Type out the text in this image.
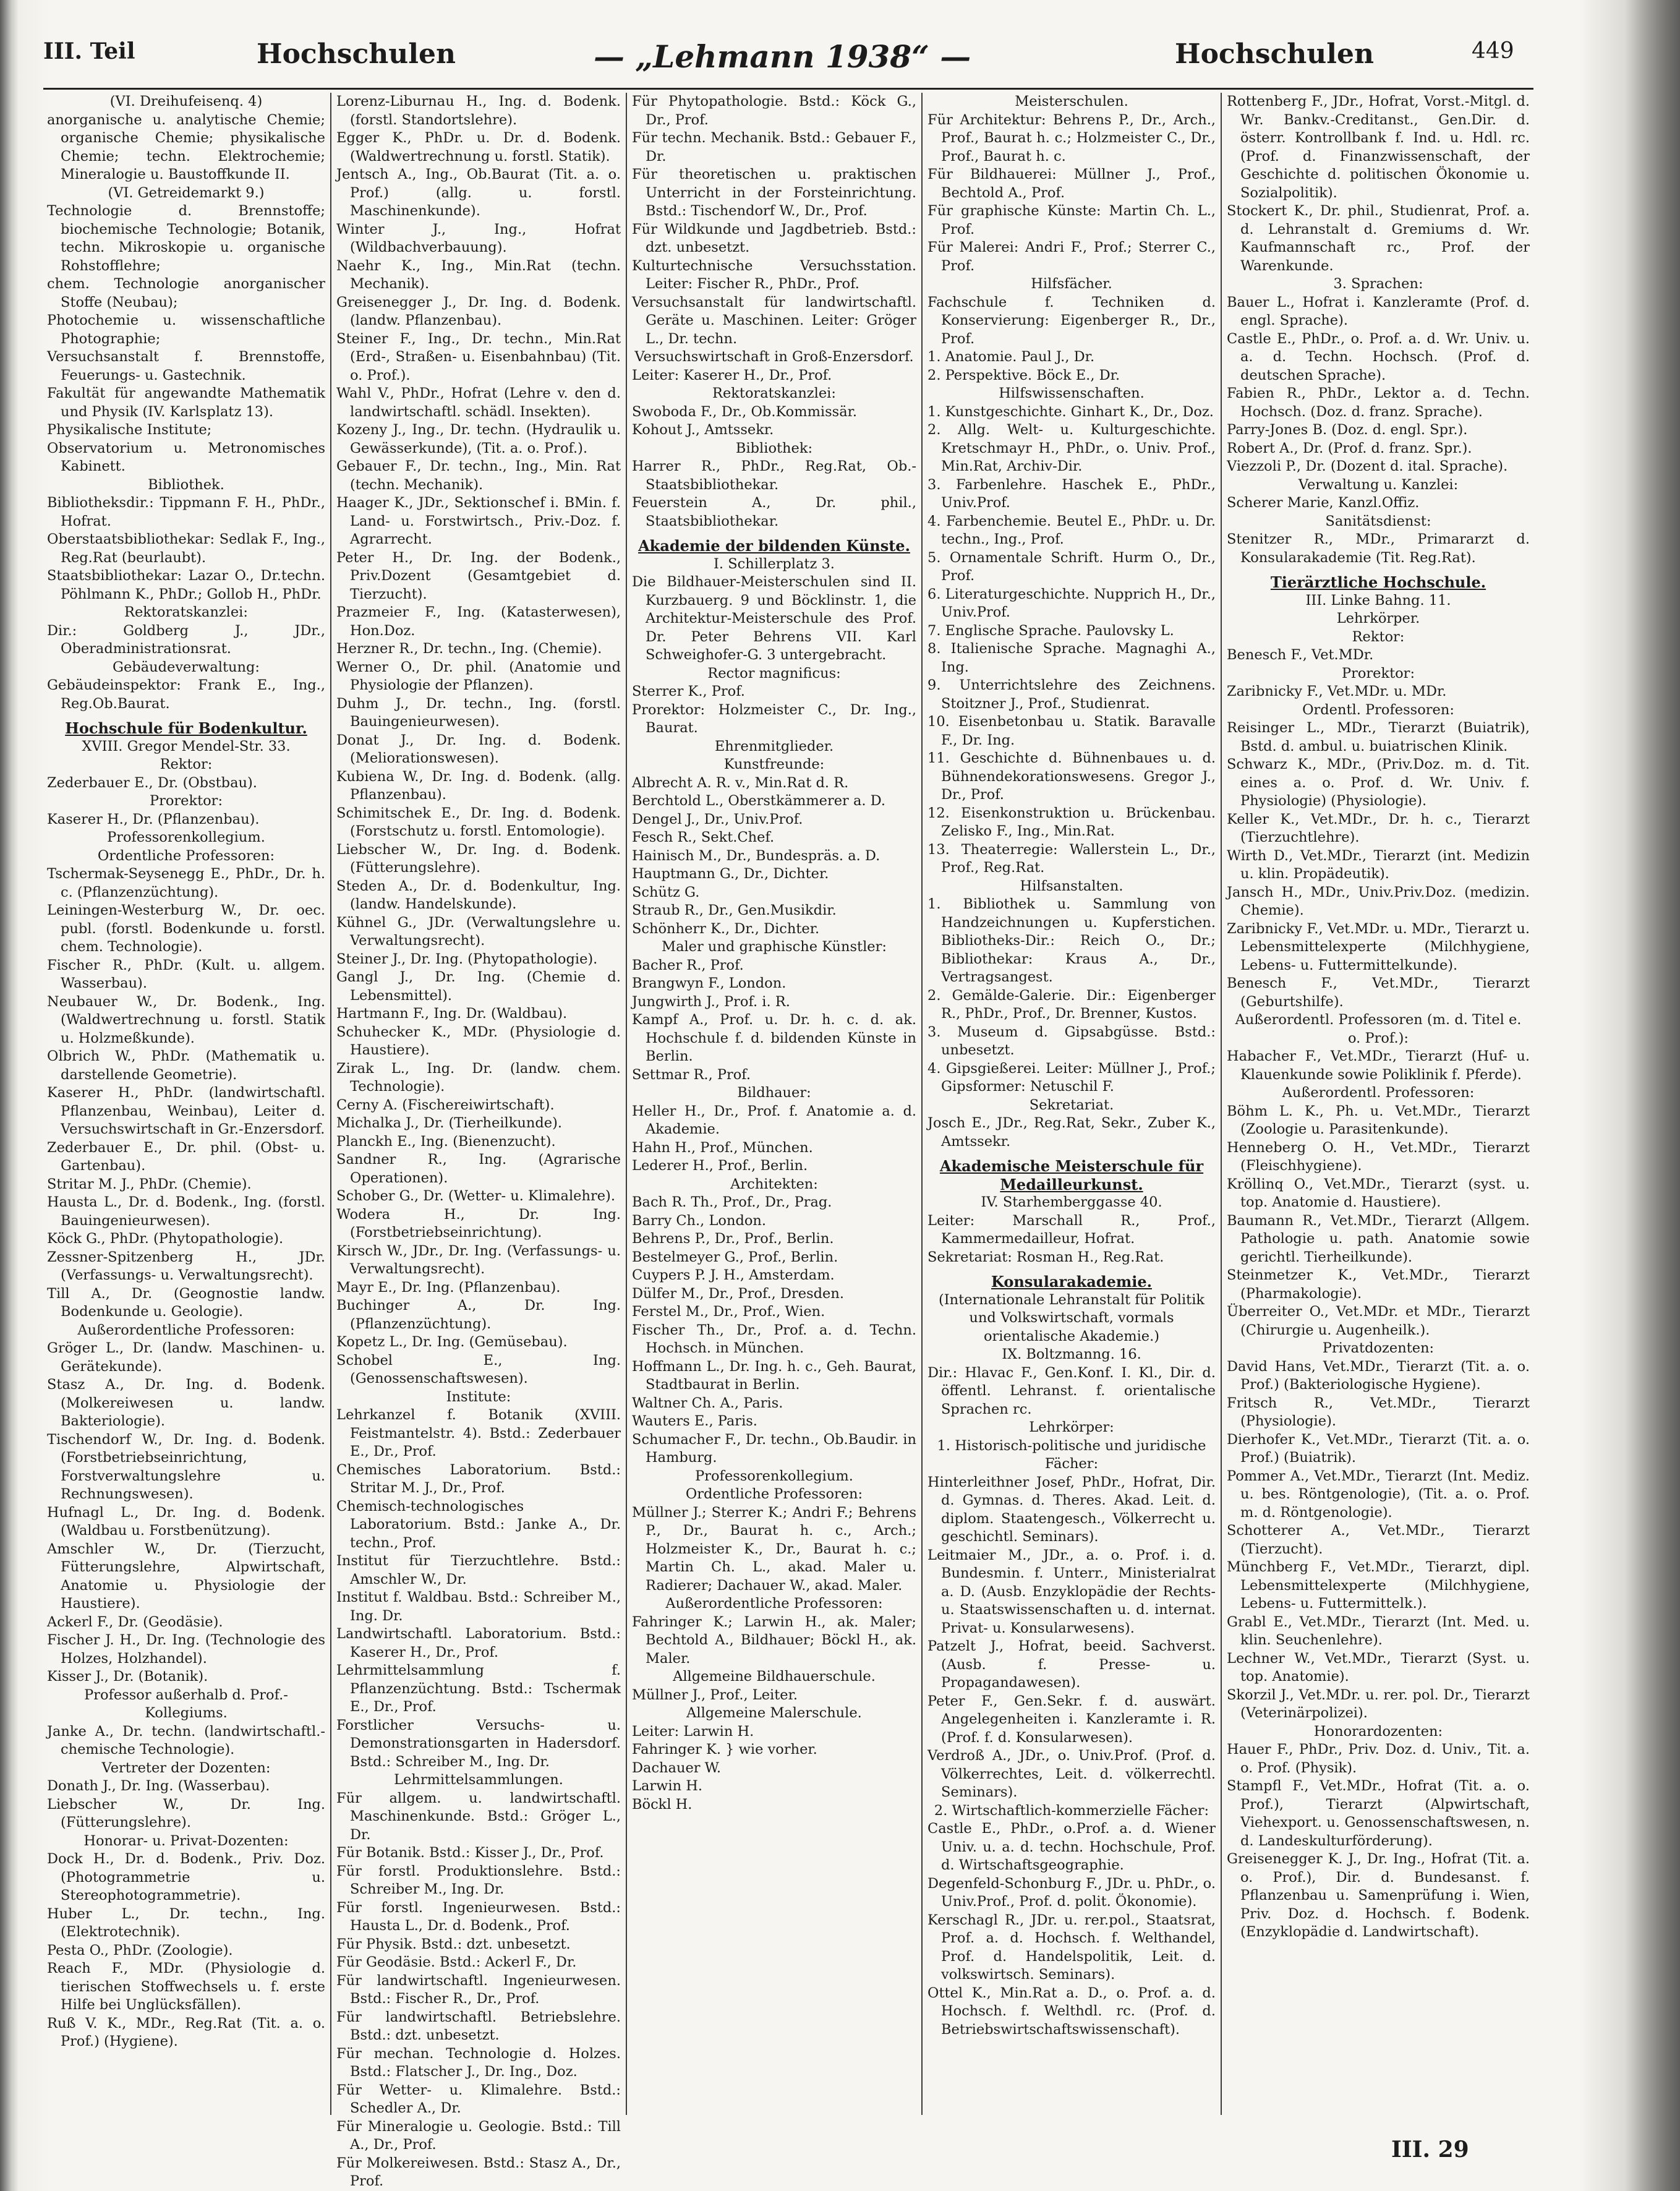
III. Teil	Hochschulen	— „Lehmann 1938“ —	Hochschulen	449

(VI. Dreihufeisenq. 4)

anorganische u. analytische Chemie; organische Chemie; physikalische Chemie; techn. Elektrochemie; Mineralogie u. Baustoffkunde II.

(VI. Getreidemarkt 9.)

Technologie d. Brennstoffe; biochemische Technologie; Botanik, techn. Mikroskopie u. organische Rohstofflehre;

chem. Technologie anorganischer Stoffe (Neubau);

Photochemie u. wissenschaftliche Photographie;

Versuchsanstalt f. Brennstoffe, Feuerungs- u. Gastechnik.

Fakultät für angewandte Mathematik und Physik (IV. Karlsplatz 13).

Physikalische Institute;

Observatorium u. Metronomisches Kabinett.

Bibliothek.

Bibliotheksdir.: Tippmann F. H., PhDr., Hofrat.

Oberstaatsbibliothekar: Sedlak F., Ing., Reg.Rat (beurlaubt).

Staatsbibliothekar: Lazar O., Dr.techn. Pöhlmann K., PhDr.; Gollob H., PhDr.

Rektoratskanzlei:

Dir.: Goldberg J., JDr., Oberadministrationsrat.

Gebäudeverwaltung:

Gebäudeinspektor: Frank E., Ing., Reg.Ob.Baurat.

Hochschule für Bodenkultur.

XVIII. Gregor Mendel-Str. 33.

Rektor:

Zederbauer E., Dr. (Obstbau).

Prorektor:

Kaserer H., Dr. (Pflanzenbau).

Professorenkollegium.

Ordentliche Professoren:

Tschermak-Seysenegg E., PhDr., Dr. h. c. (Pflanzenzüchtung).

Leiningen-Westerburg W., Dr. oec. publ. (forstl. Bodenkunde u. forstl. chem. Technologie).

Fischer R., PhDr. (Kult. u. allgem. Wasserbau).

Neubauer W., Dr. Bodenk., Ing. (Waldwertrechnung u. forstl. Statik u. Holzmeßkunde).

Olbrich W., PhDr. (Mathematik u. darstellende Geometrie).

Kaserer H., PhDr. (landwirtschaftl. Pflanzenbau, Weinbau), Leiter d. Versuchswirtschaft in Gr.-Enzersdorf.

Zederbauer E., Dr. phil. (Obst- u. Gartenbau).

Stritar M. J., PhDr. (Chemie).

Hausta L., Dr. d. Bodenk., Ing. (forstl. Bauingenieurwesen).

Köck G., PhDr. (Phytopathologie).

Zessner-Spitzenberg H., JDr. (Verfassungs- u. Verwaltungsrecht).

Till A., Dr. (Geognostie landw. Bodenkunde u. Geologie).

Außerordentliche Professoren:

Gröger L., Dr. (landw. Maschinen- u. Gerätekunde).

Stasz A., Dr. Ing. d. Bodenk. (Molkereiwesen u. landw. Bakteriologie).

Tischendorf W., Dr. Ing. d. Bodenk. (Forstbetriebseinrichtung, Forstverwaltungslehre u. Rechnungswesen).

Hufnagl L., Dr. Ing. d. Bodenk. (Waldbau u. Forstbenützung).

Amschler W., Dr. (Tierzucht, Fütterungslehre, Alpwirtschaft, Anatomie u. Physiologie der Haustiere).

Ackerl F., Dr. (Geodäsie).

Fischer J. H., Dr. Ing. (Technologie des Holzes, Holzhandel).

Kisser J., Dr. (Botanik).

Professor außerhalb d. Prof.-Kollegiums.

Janke A., Dr. techn. (landwirtschaftl.-chemische Technologie).

Vertreter der Dozenten:

Donath J., Dr. Ing. (Wasserbau).

Liebscher W., Dr. Ing. (Fütterungslehre).

Honorar- u. Privat-Dozenten:

Dock H., Dr. d. Bodenk., Priv. Doz. (Photogrammetrie u. Stereophotogrammetrie).

Huber L., Dr. techn., Ing. (Elektrotechnik).

Pesta O., PhDr. (Zoologie).

Reach F., MDr. (Physiologie d. tierischen Stoffwechsels u. f. erste Hilfe bei Unglücksfällen).

Ruß V. K., MDr., Reg.Rat (Tit. a. o. Prof.) (Hygiene).

Lorenz-Liburnau H., Ing. d. Bodenk. (forstl. Standortslehre).

Egger K., PhDr. u. Dr. d. Bodenk. (Waldwertrechnung u. forstl. Statik).

Jentsch A., Ing., Ob.Baurat (Tit. a. o. Prof.) (allg. u. forstl. Maschinenkunde).

Winter J., Ing., Hofrat (Wildbachverbauung).

Naehr K., Ing., Min.Rat (techn. Mechanik).

Greisenegger J., Dr. Ing. d. Bodenk. (landw. Pflanzenbau).

Steiner F., Ing., Dr. techn., Min.Rat (Erd-, Straßen- u. Eisenbahnbau) (Tit. o. Prof.).

Wahl V., PhDr., Hofrat (Lehre v. den d. landwirtschaftl. schädl. Insekten).

Kozeny J., Ing., Dr. techn. (Hydraulik u. Gewässerkunde), (Tit. a. o. Prof.).

Gebauer F., Dr. techn., Ing., Min. Rat (techn. Mechanik).

Haager K., JDr., Sektionschef i. BMin. f. Land- u. Forstwirtsch., Priv.-Doz. f. Agrarrecht.

Peter H., Dr. Ing. der Bodenk., Priv.Dozent (Gesamtgebiet d. Tierzucht).

Prazmeier F., Ing. (Katasterwesen), Hon.Doz.

Herzner R., Dr. techn., Ing. (Chemie).

Werner O., Dr. phil. (Anatomie und Physiologie der Pflanzen).

Duhm J., Dr. techn., Ing. (forstl. Bauingenieurwesen).

Donat J., Dr. Ing. d. Bodenk. (Meliorationswesen).

Kubiena W., Dr. Ing. d. Bodenk. (allg. Pflanzenbau).

Schimitschek E., Dr. Ing. d. Bodenk. (Forstschutz u. forstl. Entomologie).

Liebscher W., Dr. Ing. d. Bodenk. (Fütterungslehre).

Steden A., Dr. d. Bodenkultur, Ing. (landw. Handelskunde).

Kühnel G., JDr. (Verwaltungslehre u. Verwaltungsrecht).

Steiner J., Dr. Ing. (Phytopathologie).

Gangl J., Dr. Ing. (Chemie d. Lebensmittel).

Hartmann F., Ing. Dr. (Waldbau).

Schuhecker K., MDr. (Physiologie d. Haustiere).

Zirak L., Ing. Dr. (landw. chem. Technologie).

Cerny A. (Fischereiwirtschaft).

Michalka J., Dr. (Tierheilkunde).

Planckh E., Ing. (Bienenzucht).

Sandner R., Ing. (Agrarische Operationen).

Schober G., Dr. (Wetter- u. Klimalehre).

Wodera H., Dr. Ing. (Forstbetriebseinrichtung).

Kirsch W., JDr., Dr. Ing. (Verfassungs- u. Verwaltungsrecht).

Mayr E., Dr. Ing. (Pflanzenbau).

Buchinger A., Dr. Ing. (Pflanzenzüchtung).

Kopetz L., Dr. Ing. (Gemüsebau).

Schobel E., Ing. (Genossenschaftswesen).

Institute:

Lehrkanzel f. Botanik (XVIII. Feistmantelstr. 4). Bstd.: Zederbauer E., Dr., Prof.

Chemisches Laboratorium. Bstd.: Stritar M. J., Dr., Prof.

Chemisch-technologisches Laboratorium. Bstd.: Janke A., Dr. techn., Prof.

Institut für Tierzuchtlehre. Bstd.: Amschler W., Dr.

Institut f. Waldbau. Bstd.: Schreiber M., Ing. Dr.

Landwirtschaftl. Laboratorium. Bstd.: Kaserer H., Dr., Prof.

Lehrmittelsammlung f. Pflanzenzüchtung. Bstd.: Tschermak E., Dr., Prof.

Forstlicher Versuchs- u. Demonstrationsgarten in Hadersdorf. Bstd.: Schreiber M., Ing. Dr.

Lehrmittelsammlungen.

Für allgem. u. landwirtschaftl. Maschinenkunde. Bstd.: Gröger L., Dr.

Für Botanik. Bstd.: Kisser J., Dr., Prof.

Für forstl. Produktionslehre. Bstd.: Schreiber M., Ing. Dr.

Für forstl. Ingenieurwesen. Bstd.: Hausta L., Dr. d. Bodenk., Prof.

Für Physik. Bstd.: dzt. unbesetzt.

Für Geodäsie. Bstd.: Ackerl F., Dr.

Für landwirtschaftl. Ingenieurwesen. Bstd.: Fischer R., Dr., Prof.

Für landwirtschaftl. Betriebslehre. Bstd.: dzt. unbesetzt.

Für mechan. Technologie d. Holzes. Bstd.: Flatscher J., Dr. Ing., Doz.

Für Wetter- u. Klimalehre. Bstd.: Schedler A., Dr.

Für Mineralogie u. Geologie. Bstd.: Till A., Dr., Prof.

Für Molkereiwesen. Bstd.: Stasz A., Dr., Prof.

Für Phytopathologie. Bstd.: Köck G., Dr., Prof.

Für techn. Mechanik. Bstd.: Gebauer F., Dr.

Für theoretischen u. praktischen Unterricht in der Forsteinrichtung. Bstd.: Tischendorf W., Dr., Prof.

Für Wildkunde und Jagdbetrieb. Bstd.: dzt. unbesetzt.

Kulturtechnische Versuchsstation. Leiter: Fischer R., PhDr., Prof.

Versuchsanstalt für landwirtschaftl. Geräte u. Maschinen. Leiter: Gröger L., Dr. techn.

Versuchswirtschaft in Groß-Enzersdorf.

Leiter: Kaserer H., Dr., Prof.

Rektoratskanzlei:

Swoboda F., Dr., Ob.Kommissär.

Kohout J., Amtssekr.

Bibliothek:

Harrer R., PhDr., Reg.Rat, Ob.-Staatsbibliothekar.

Feuerstein A., Dr. phil., Staatsbibliothekar.

Akademie der bildenden Künste.

I. Schillerplatz 3.

Die Bildhauer-Meisterschulen sind II. Kurzbauerg. 9 und Böcklinstr. 1, die Architektur-Meisterschule des Prof. Dr. Peter Behrens VII. Karl Schweighofer-G. 3 untergebracht.

Rector magnificus:

Sterrer K., Prof.

Prorektor: Holzmeister C., Dr. Ing., Baurat.

Ehrenmitglieder.

Kunstfreunde:

Albrecht A. R. v., Min.Rat d. R.

Berchtold L., Oberstkämmerer a. D.

Dengel J., Dr., Univ.Prof.

Fesch R., Sekt.Chef.

Hainisch M., Dr., Bundespräs. a. D.

Hauptmann G., Dr., Dichter.

Schütz G.

Straub R., Dr., Gen.Musikdir.

Schönherr K., Dr., Dichter.

Maler und graphische Künstler:

Bacher R., Prof.

Brangwyn F., London.

Jungwirth J., Prof. i. R.

Kampf A., Prof. u. Dr. h. c. d. ak. Hochschule f. d. bildenden Künste in Berlin.

Settmar R., Prof.

Bildhauer:

Heller H., Dr., Prof. f. Anatomie a. d. Akademie.

Hahn H., Prof., München.

Lederer H., Prof., Berlin.

Architekten:

Bach R. Th., Prof., Dr., Prag.

Barry Ch., London.

Behrens P., Dr., Prof., Berlin.

Bestelmeyer G., Prof., Berlin.

Cuypers P. J. H., Amsterdam.

Dülfer M., Dr., Prof., Dresden.

Ferstel M., Dr., Prof., Wien.

Fischer Th., Dr., Prof. a. d. Techn. Hochsch. in München.

Hoffmann L., Dr. Ing. h. c., Geh. Baurat, Stadtbaurat in Berlin.

Waltner Ch. A., Paris.

Wauters E., Paris.

Schumacher F., Dr. techn., Ob.Baudir. in Hamburg.

Professorenkollegium.

Ordentliche Professoren:

Müllner J.; Sterrer K.; Andri F.; Behrens P., Dr., Baurat h. c., Arch.; Holzmeister K., Dr., Baurat h. c.; Martin Ch. L., akad. Maler u. Radierer; Dachauer W., akad. Maler.

Außerordentliche Professoren:

Fahringer K.; Larwin H., ak. Maler; Bechtold A., Bildhauer; Böckl H., ak. Maler.

Allgemeine Bildhauerschule.

Müllner J., Prof., Leiter.

Allgemeine Malerschule.

Leiter: Larwin H.

Fahringer K. } wie vorher.

Dachauer W.

Larwin H.

Böckl H.

Meisterschulen.

Für Architektur: Behrens P., Dr., Arch., Prof., Baurat h. c.; Holzmeister C., Dr., Prof., Baurat h. c.

Für Bildhauerei: Müllner J., Prof., Bechtold A., Prof.

Für graphische Künste: Martin Ch. L., Prof.

Für Malerei: Andri F., Prof.; Sterrer C., Prof.

Hilfsfächer.

Fachschule f. Techniken d. Konservierung: Eigenberger R., Dr., Prof.

1. Anatomie. Paul J., Dr.

2. Perspektive. Böck E., Dr.

Hilfswissenschaften.

1. Kunstgeschichte. Ginhart K., Dr., Doz.

2. Allg. Welt- u. Kulturgeschichte. Kretschmayr H., PhDr., o. Univ. Prof., Min.Rat, Archiv-Dir.

3. Farbenlehre. Haschek E., PhDr., Univ.Prof.

4. Farbenchemie. Beutel E., PhDr. u. Dr. techn., Ing., Prof.

5. Ornamentale Schrift. Hurm O., Dr., Prof.

6. Literaturgeschichte. Nupprich H., Dr., Univ.Prof.

7. Englische Sprache. Paulovsky L.

8. Italienische Sprache. Magnaghi A., Ing.

9. Unterrichtslehre des Zeichnens. Stoitzner J., Prof., Studienrat.

10. Eisenbetonbau u. Statik. Baravalle F., Dr. Ing.

11. Geschichte d. Bühnenbaues u. d. Bühnendekorationswesens. Gregor J., Dr., Prof.

12. Eisenkonstruktion u. Brückenbau. Zelisko F., Ing., Min.Rat.

13. Theaterregie: Wallerstein L., Dr., Prof., Reg.Rat.

Hilfsanstalten.

1. Bibliothek u. Sammlung von Handzeichnungen u. Kupferstichen. Bibliotheks-Dir.: Reich O., Dr.; Bibliothekar: Kraus A., Dr., Vertragsangest.

2. Gemälde-Galerie. Dir.: Eigenberger R., PhDr., Prof., Dr. Brenner, Kustos.

3. Museum d. Gipsabgüsse. Bstd.: unbesetzt.

4. Gipsgießerei. Leiter: Müllner J., Prof.; Gipsformer: Netuschil F.

Sekretariat.

Josch E., JDr., Reg.Rat, Sekr., Zuber K., Amtssekr.

Akademische Meisterschule für Medailleurkunst.

IV. Starhemberggasse 40.

Leiter: Marschall R., Prof., Kammermedailleur, Hofrat.

Sekretariat: Rosman H., Reg.Rat.

Konsularakademie.

(Internationale Lehranstalt für Politik und Volkswirtschaft, vormals orientalische Akademie.)

IX. Boltzmanng. 16.

Dir.: Hlavac F., Gen.Konf. I. Kl., Dir. d. öffentl. Lehranst. f. orientalische Sprachen rc.

Lehrkörper:

1. Historisch-politische und juridische Fächer:

Hinterleithner Josef, PhDr., Hofrat, Dir. d. Gymnas. d. Theres. Akad. Leit. d. diplom. Staatengesch., Völkerrecht u. geschichtl. Seminars).

Leitmaier M., JDr., a. o. Prof. i. d. Bundesmin. f. Unterr., Ministerialrat a. D. (Ausb. Enzyklopädie der Rechts- u. Staatswissenschaften u. d. internat. Privat- u. Konsularwesens).

Patzelt J., Hofrat, beeid. Sachverst. (Ausb. f. Presse- u. Propagandawesen).

Peter F., Gen.Sekr. f. d. auswärt. Angelegenheiten i. Kanzleramte i. R. (Prof. f. d. Konsularwesen).

Verdroß A., JDr., o. Univ.Prof. (Prof. d. Völkerrechtes, Leit. d. völkerrechtl. Seminars).

2. Wirtschaftlich-kommerzielle Fächer:

Castle E., PhDr., o.Prof. a. d. Wiener Univ. u. a. d. techn. Hochschule, Prof. d. Wirtschaftsgeographie.

Degenfeld-Schonburg F., JDr. u. PhDr., o. Univ.Prof., Prof. d. polit. Ökonomie).

Kerschagl R., JDr. u. rer.pol., Staatsrat, Prof. a. d. Hochsch. f. Welthandel, Prof. d. Handelspolitik, Leit. d. volkswirtsch. Seminars).

Ottel K., Min.Rat a. D., o. Prof. a. d. Hochsch. f. Welthdl. rc. (Prof. d. Betriebswirtschaftswissenschaft).

Rottenberg F., JDr., Hofrat, Vorst.-Mitgl. d. Wr. Bankv.-Creditanst., Gen.Dir. d. österr. Kontrollbank f. Ind. u. Hdl. rc. (Prof. d. Finanzwissenschaft, der Geschichte d. politischen Ökonomie u. Sozialpolitik).

Stockert K., Dr. phil., Studienrat, Prof. a. d. Lehranstalt d. Gremiums d. Wr. Kaufmannschaft rc., Prof. der Warenkunde.

3. Sprachen:

Bauer L., Hofrat i. Kanzleramte (Prof. d. engl. Sprache).

Castle E., PhDr., o. Prof. a. d. Wr. Univ. u. a. d. Techn. Hochsch. (Prof. d. deutschen Sprache).

Fabien R., PhDr., Lektor a. d. Techn. Hochsch. (Doz. d. franz. Sprache).

Parry-Jones B. (Doz. d. engl. Spr.).

Robert A., Dr. (Prof. d. franz. Spr.).

Viezzoli P., Dr. (Dozent d. ital. Sprache).

Verwaltung u. Kanzlei:

Scherer Marie, Kanzl.Offiz.

Sanitätsdienst:

Stenitzer R., MDr., Primararzt d. Konsularakademie (Tit. Reg.Rat).

Tierärztliche Hochschule.

III. Linke Bahng. 11.

Lehrkörper.

Rektor:

Benesch F., Vet.MDr.

Prorektor:

Zaribnicky F., Vet.MDr. u. MDr.

Ordentl. Professoren:

Reisinger L., MDr., Tierarzt (Buiatrik), Bstd. d. ambul. u. buiatrischen Klinik.

Schwarz K., MDr., (Priv.Doz. m. d. Tit. eines a. o. Prof. d. Wr. Univ. f. Physiologie) (Physiologie).

Keller K., Vet.MDr., Dr. h. c., Tierarzt (Tierzuchtlehre).

Wirth D., Vet.MDr., Tierarzt (int. Medizin u. klin. Propädeutik).

Jansch H., MDr., Univ.Priv.Doz. (medizin. Chemie).

Zaribnicky F., Vet.MDr. u. MDr., Tierarzt u. Lebensmittelexperte (Milchhygiene, Lebens- u. Futtermittelkunde).

Benesch F., Vet.MDr., Tierarzt (Geburtshilfe).

Außerordentl. Professoren (m. d. Titel e. o. Prof.):

Habacher F., Vet.MDr., Tierarzt (Huf- u. Klauenkunde sowie Poliklinik f. Pferde).

Außerordentl. Professoren:

Böhm L. K., Ph. u. Vet.MDr., Tierarzt (Zoologie u. Parasitenkunde).

Henneberg O. H., Vet.MDr., Tierarzt (Fleischhygiene).

Kröllinq O., Vet.MDr., Tierarzt (syst. u. top. Anatomie d. Haustiere).

Baumann R., Vet.MDr., Tierarzt (Allgem. Pathologie u. path. Anatomie sowie gerichtl. Tierheilkunde).

Steinmetzer K., Vet.MDr., Tierarzt (Pharmakologie).

Überreiter O., Vet.MDr. et MDr., Tierarzt (Chirurgie u. Augenheilk.).

Privatdozenten:

David Hans, Vet.MDr., Tierarzt (Tit. a. o. Prof.) (Bakteriologische Hygiene).

Fritsch R., Vet.MDr., Tierarzt (Physiologie).

Dierhofer K., Vet.MDr., Tierarzt (Tit. a. o. Prof.) (Buiatrik).

Pommer A., Vet.MDr., Tierarzt (Int. Mediz. u. bes. Röntgenologie), (Tit. a. o. Prof. m. d. Röntgenologie).

Schotterer A., Vet.MDr., Tierarzt (Tierzucht).

Münchberg F., Vet.MDr., Tierarzt, dipl. Lebensmittelexperte (Milchhygiene, Lebens- u. Futtermittelk.).

Grabl E., Vet.MDr., Tierarzt (Int. Med. u. klin. Seuchenlehre).

Lechner W., Vet.MDr., Tierarzt (Syst. u. top. Anatomie).

Skorzil J., Vet.MDr. u. rer. pol. Dr., Tierarzt (Veterinärpolizei).

Honorardozenten:

Hauer F., PhDr., Priv. Doz. d. Univ., Tit. a. o. Prof. (Physik).

Stampfl F., Vet.MDr., Hofrat (Tit. a. o. Prof.), Tierarzt (Alpwirtschaft, Viehexport. u. Genossenschaftswesen, n. d. Landeskulturförderung).

Greisenegger K. J., Dr. Ing., Hofrat (Tit. a. o. Prof.), Dir. d. Bundesanst. f. Pflanzenbau u. Samenprüfung i. Wien, Priv. Doz. d. Hochsch. f. Bodenk. (Enzyklopädie d. Landwirtschaft).

III. 29
